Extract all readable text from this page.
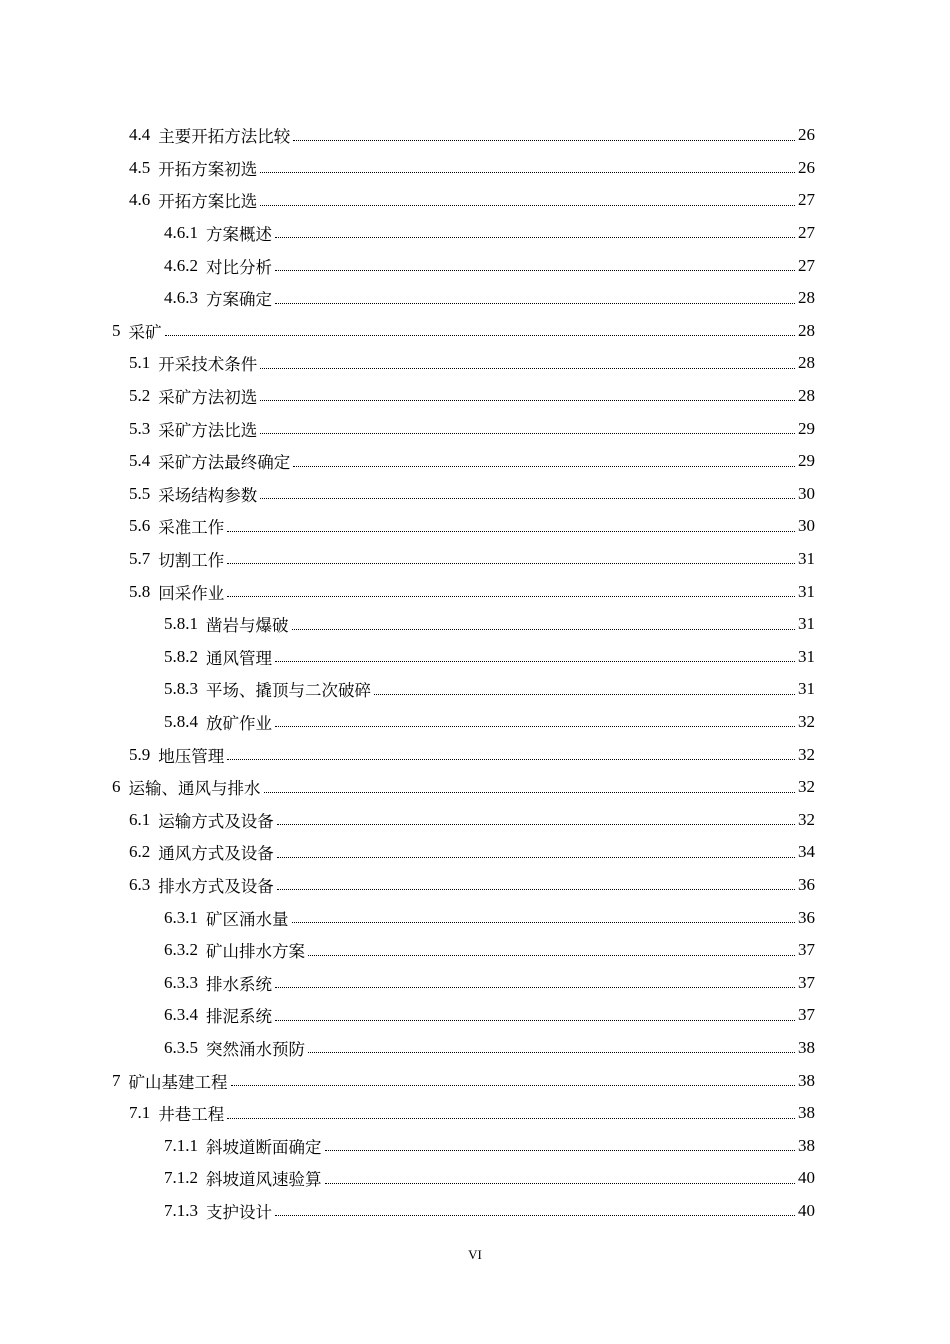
4.4 主要开拓方法比较	26
4.5 开拓方案初选	26
4.6 开拓方案比选	27
4.6.1 方案概述	27
4.6.2 对比分析	27
4.6.3 方案确定	28
5 采矿	28
5.1 开采技术条件	28
5.2 采矿方法初选	28
5.3 采矿方法比选	29
5.4 采矿方法最终确定	29
5.5 采场结构参数	30
5.6 采准工作	30
5.7 切割工作	31
5.8 回采作业	31
5.8.1 凿岩与爆破	31
5.8.2 通风管理	31
5.8.3 平场、撬顶与二次破碎	31
5.8.4 放矿作业	32
5.9 地压管理	32
6 运输、通风与排水	32
6.1 运输方式及设备	32
6.2 通风方式及设备	34
6.3 排水方式及设备	36
6.3.1 矿区涌水量	36
6.3.2 矿山排水方案	37
6.3.3 排水系统	37
6.3.4 排泥系统	37
6.3.5 突然涌水预防	38
7 矿山基建工程	38
7.1 井巷工程	38
7.1.1 斜坡道断面确定	38
7.1.2 斜坡道风速验算	40
7.1.3 支护设计	40
VI
